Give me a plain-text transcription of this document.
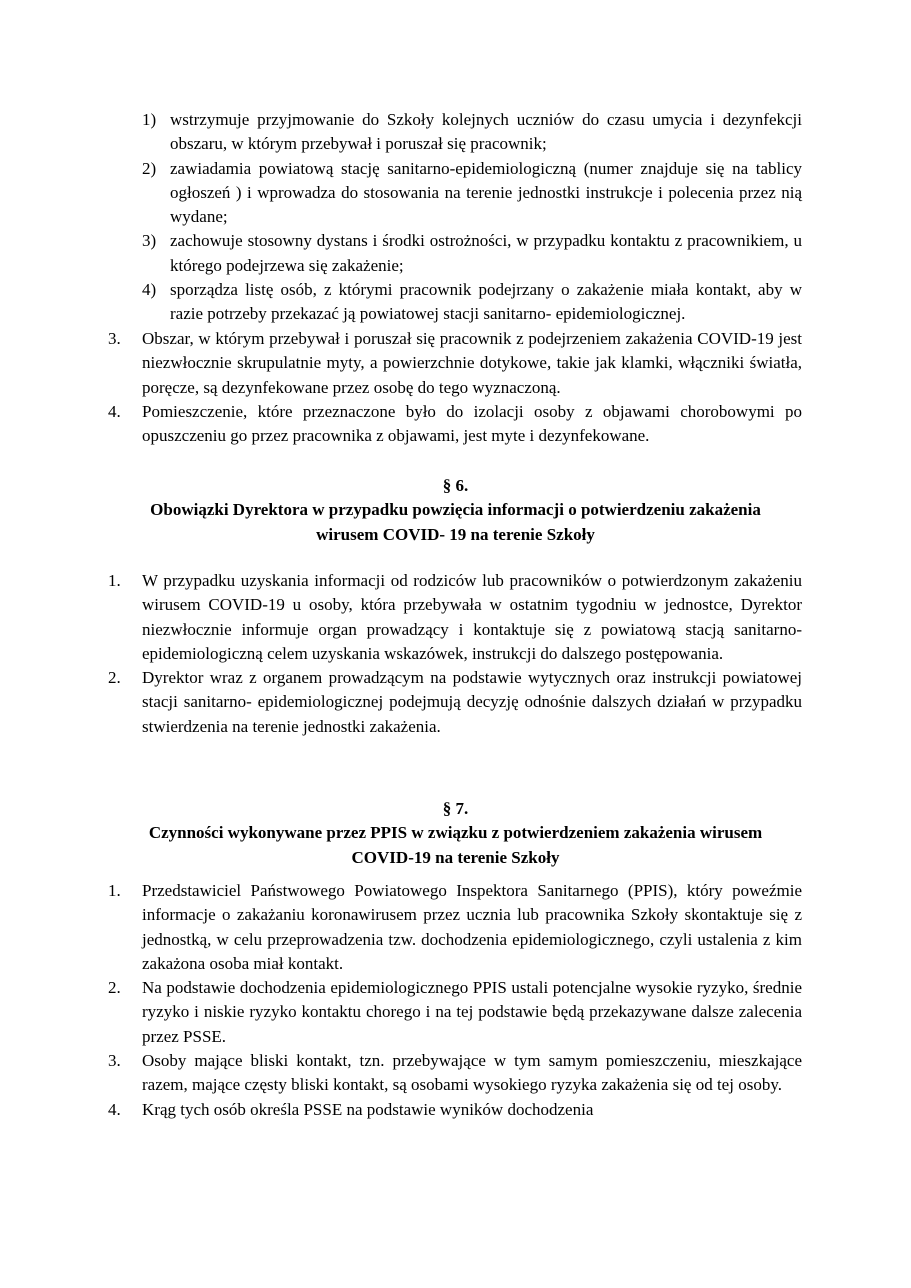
1) wstrzymuje przyjmowanie do Szkoły kolejnych uczniów do czasu umycia i dezynfekcji obszaru, w którym przebywał i poruszał się pracownik;
2) zawiadamia powiatową stację sanitarno-epidemiologiczną (numer znajduje się na tablicy ogłoszeń ) i wprowadza do stosowania na terenie jednostki instrukcje i polecenia przez nią wydane;
3) zachowuje stosowny dystans i środki ostrożności, w przypadku kontaktu z pracownikiem, u którego podejrzewa się zakażenie;
4) sporządza listę osób, z którymi pracownik podejrzany o zakażenie miała kontakt, aby w razie potrzeby przekazać ją powiatowej stacji sanitarno- epidemiologicznej.
3. Obszar, w którym przebywał i poruszał się pracownik z podejrzeniem zakażenia COVID-19 jest niezwłocznie skrupulatnie myty, a powierzchnie dotykowe, takie jak klamki, włączniki światła, poręcze, są dezynfekowane przez osobę do tego wyznaczoną.
4. Pomieszczenie, które przeznaczone było do izolacji osoby z objawami chorobowymi po opuszczeniu go przez pracownika z objawami, jest myte i dezynfekowane.
§ 6.
Obowiązki Dyrektora w przypadku powzięcia informacji o potwierdzeniu zakażenia
wirusem COVID- 19 na terenie Szkoły
1. W przypadku uzyskania informacji od rodziców lub pracowników o potwierdzonym zakażeniu wirusem COVID-19 u osoby, która przebywała w ostatnim tygodniu w jednostce, Dyrektor niezwłocznie informuje organ prowadzący i kontaktuje się z powiatową stacją sanitarno- epidemiologiczną celem uzyskania wskazówek, instrukcji do dalszego postępowania.
2. Dyrektor wraz z organem prowadzącym na podstawie wytycznych oraz instrukcji powiatowej stacji sanitarno- epidemiologicznej podejmują decyzję odnośnie dalszych działań w przypadku stwierdzenia na terenie jednostki zakażenia.
§ 7.
Czynności wykonywane przez PPIS w związku z potwierdzeniem zakażenia wirusem
COVID-19 na terenie Szkoły
1. Przedstawiciel Państwowego Powiatowego Inspektora Sanitarnego (PPIS), który poweźmie informacje o zakażaniu koronawirusem przez ucznia lub pracownika Szkoły skontaktuje się z jednostką, w celu przeprowadzenia tzw. dochodzenia epidemiologicznego, czyli ustalenia z kim zakażona osoba miał kontakt.
2. Na podstawie dochodzenia epidemiologicznego PPIS ustali potencjalne wysokie ryzyko, średnie ryzyko i niskie ryzyko kontaktu chorego i na tej podstawie będą przekazywane dalsze zalecenia przez PSSE.
3. Osoby mające bliski kontakt, tzn. przebywające w tym samym pomieszczeniu, mieszkające razem, mające częsty bliski kontakt, są osobami wysokiego ryzyka zakażenia się od tej osoby.
4. Krąg tych osób określa PSSE na podstawie wyników dochodzenia
